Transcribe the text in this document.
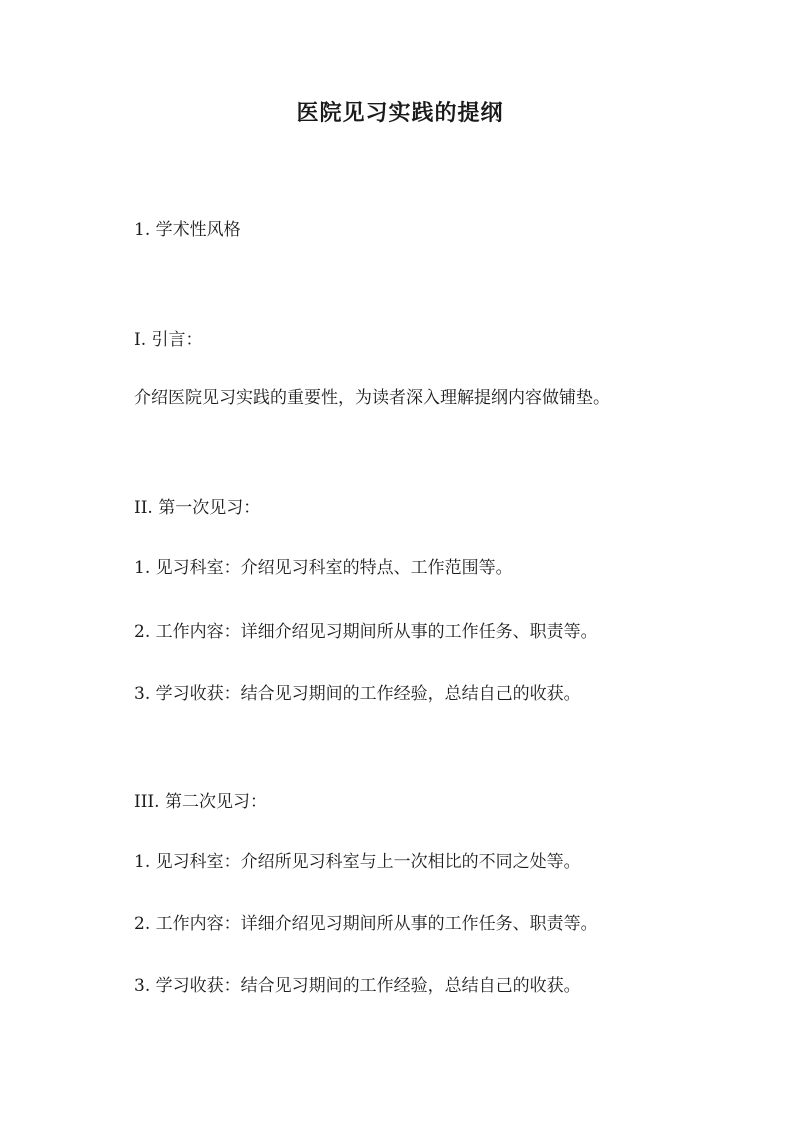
医院见习实践的提纲
1. 学术性风格
I. 引言：
介绍医院见习实践的重要性，为读者深入理解提纲内容做铺垫。
II. 第一次见习：
1. 见习科室：介绍见习科室的特点、工作范围等。
2. 工作内容：详细介绍见习期间所从事的工作任务、职责等。
3. 学习收获：结合见习期间的工作经验，总结自己的收获。
III. 第二次见习：
1. 见习科室：介绍所见习科室与上一次相比的不同之处等。
2. 工作内容：详细介绍见习期间所从事的工作任务、职责等。
3. 学习收获：结合见习期间的工作经验，总结自己的收获。
